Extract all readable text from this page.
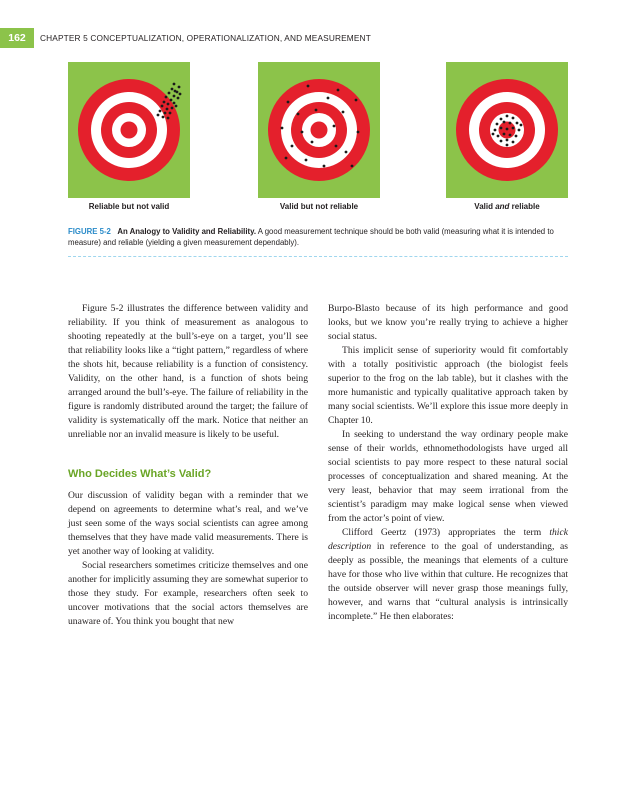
162	CHAPTER 5 CONCEPTUALIZATION, OPERATIONALIZATION, AND MEASUREMENT
Reliable but not valid	Valid but not reliable	Valid and reliable
FIGURE 5-2 An Analogy to Validity and Reliability. A good measurement technique should be both valid (measuring what it is intended to measure) and reliable (yielding a given measurement dependably).

Figure 5-2 illustrates the difference between validity and reliability. If you think of measurement as analogous to shooting repeatedly at the bull’s-eye on a target, you’ll see that reliability looks like a “tight pattern,” regardless of where the shots hit, because reliability is a function of consistency. Validity, on the other hand, is a function of shots being arranged around the bull’s-eye. The failure of reliability in the figure is randomly distributed around the target; the failure of validity is systematically off the mark. Notice that neither an unreliable nor an invalid measure is likely to be useful.

Who Decides What’s Valid?

Our discussion of validity began with a reminder that we depend on agreements to determine what’s real, and we’ve just seen some of the ways social scientists can agree among themselves that they have made valid measurements. There is yet another way of looking at validity.

Social researchers sometimes criticize themselves and one another for implicitly assuming they are somewhat superior to those they study. For example, researchers often seek to uncover motivations that the social actors themselves are unaware of. You think you bought that new

Burpo-Blasto because of its high performance and good looks, but we know you’re really trying to achieve a higher social status.

This implicit sense of superiority would fit comfortably with a totally positivistic approach (the biologist feels superior to the frog on the lab table), but it clashes with the more humanistic and typically qualitative approach taken by many social scientists. We’ll explore this issue more deeply in Chapter 10.

In seeking to understand the way ordinary people make sense of their worlds, ethnomethodologists have urged all social scientists to pay more respect to these natural social processes of conceptualization and shared meaning. At the very least, behavior that may seem irrational from the scientist’s paradigm may make logical sense when viewed from the actor’s point of view.

Clifford Geertz (1973) appropriates the term thick description in reference to the goal of understanding, as deeply as possible, the meanings that elements of a culture have for those who live within that culture. He recognizes that the outside observer will never grasp those meanings fully, however, and warns that “cultural analysis is intrinsically incomplete.” He then elaborates:
